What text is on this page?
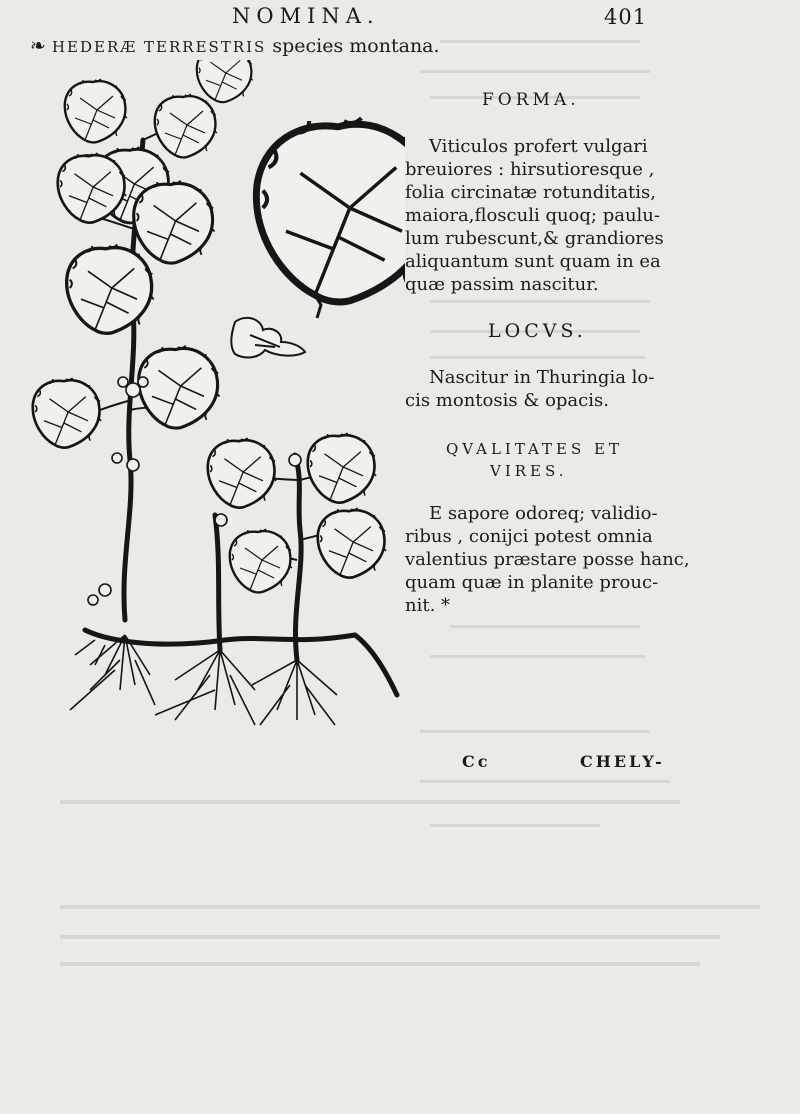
NOMINA.	401
❧ HEDERÆ TERRESTRIS species montana.
FORMA.
Viticulos profert vulgari
breuiores : hirsutioresque ,
folia circinatæ rotunditatis,
maiora,flosculi quoq; paulu-
lum rubescunt,& grandiores
aliquantum sunt quam in ea
quæ passim nascitur.
LOCVS.
Nascitur in Thuringia lo-
cis montosis & opacis.
QVALITATES ET
VIRES.
E sapore odoreq; validio-
ribus , conijci potest omnia
valentius præstare posse hanc,
quam quæ in planite prouc-
nit. *
Cc	CHELY-
